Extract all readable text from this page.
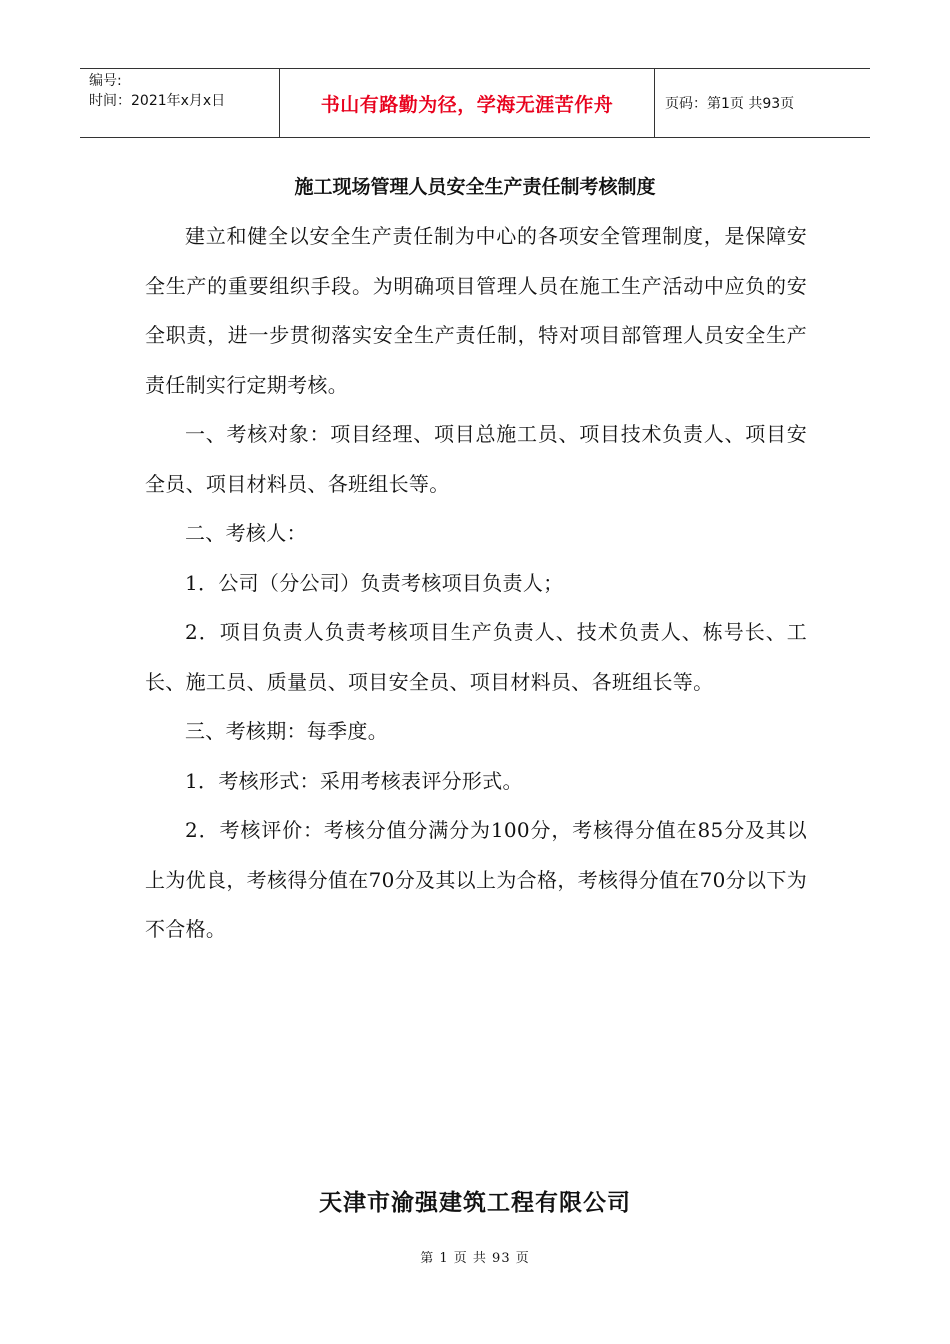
编号:
时间：2021年x月x日	书山有路勤为径，学海无涯苦作舟	页码：第1页 共93页
施工现场管理人员安全生产责任制考核制度

建立和健全以安全生产责任制为中心的各项安全管理制度，是保障安全生产的重要组织手段。为明确项目管理人员在施工生产活动中应负的安全职责，进一步贯彻落实安全生产责任制，特对项目部管理人员安全生产责任制实行定期考核。

一、考核对象：项目经理、项目总施工员、项目技术负责人、项目安全员、项目材料员、各班组长等。

二、考核人：

1．公司（分公司）负责考核项目负责人；

2．项目负责人负责考核项目生产负责人、技术负责人、栋号长、工长、施工员、质量员、项目安全员、项目材料员、各班组长等。

三、考核期：每季度。

1．考核形式：采用考核表评分形式。

2．考核评价：考核分值分满分为100分，考核得分值在85分及其以上为优良，考核得分值在70分及其以上为合格，考核得分值在70分以下为不合格。

天津市渝强建筑工程有限公司
第 1 页 共 93 页
